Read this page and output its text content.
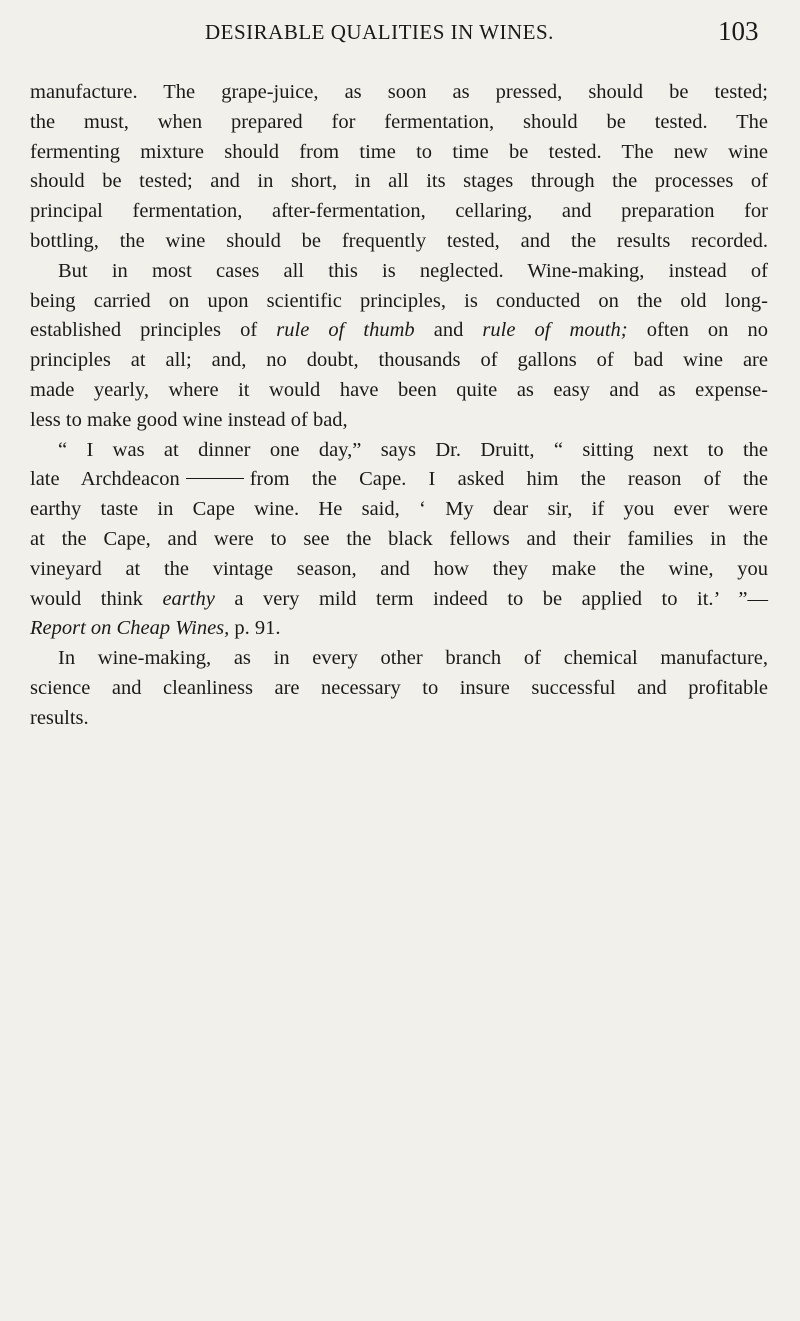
DESIRABLE QUALITIES IN WINES.	103
manufacture. The grape-juice, as soon as pressed, should be tested;
the must, when prepared for fermentation, should be tested. The
fermenting mixture should from time to time be tested. The new wine
should be tested; and in short, in all its stages through the processes of
principal fermentation, after-fermentation, cellaring, and preparation for
bottling, the wine should be frequently tested, and the results recorded.
But in most cases all this is neglected. Wine-making, instead of
being carried on upon scientific principles, is conducted on the old long-
established principles of rule of thumb and rule of mouth; often on no
principles at all; and, no doubt, thousands of gallons of bad wine are
made yearly, where it would have been quite as easy and as expense-
less to make good wine instead of bad,
“ I was at dinner one day,” says Dr. Druitt, “ sitting next to the
late Archdeacon	from the Cape. I asked him the reason of the
earthy taste in Cape wine. He said, ‘ My dear sir, if you ever were
at the Cape, and were to see the black fellows and their families in the
vineyard at the vintage season, and how they make the wine, you
would think earthy a very mild term indeed to be applied to it.’ ”—
Report on Cheap Wines, p. 91.
In wine-making, as in every other branch of chemical manufacture,
science and cleanliness are necessary to insure successful and profitable
results.
